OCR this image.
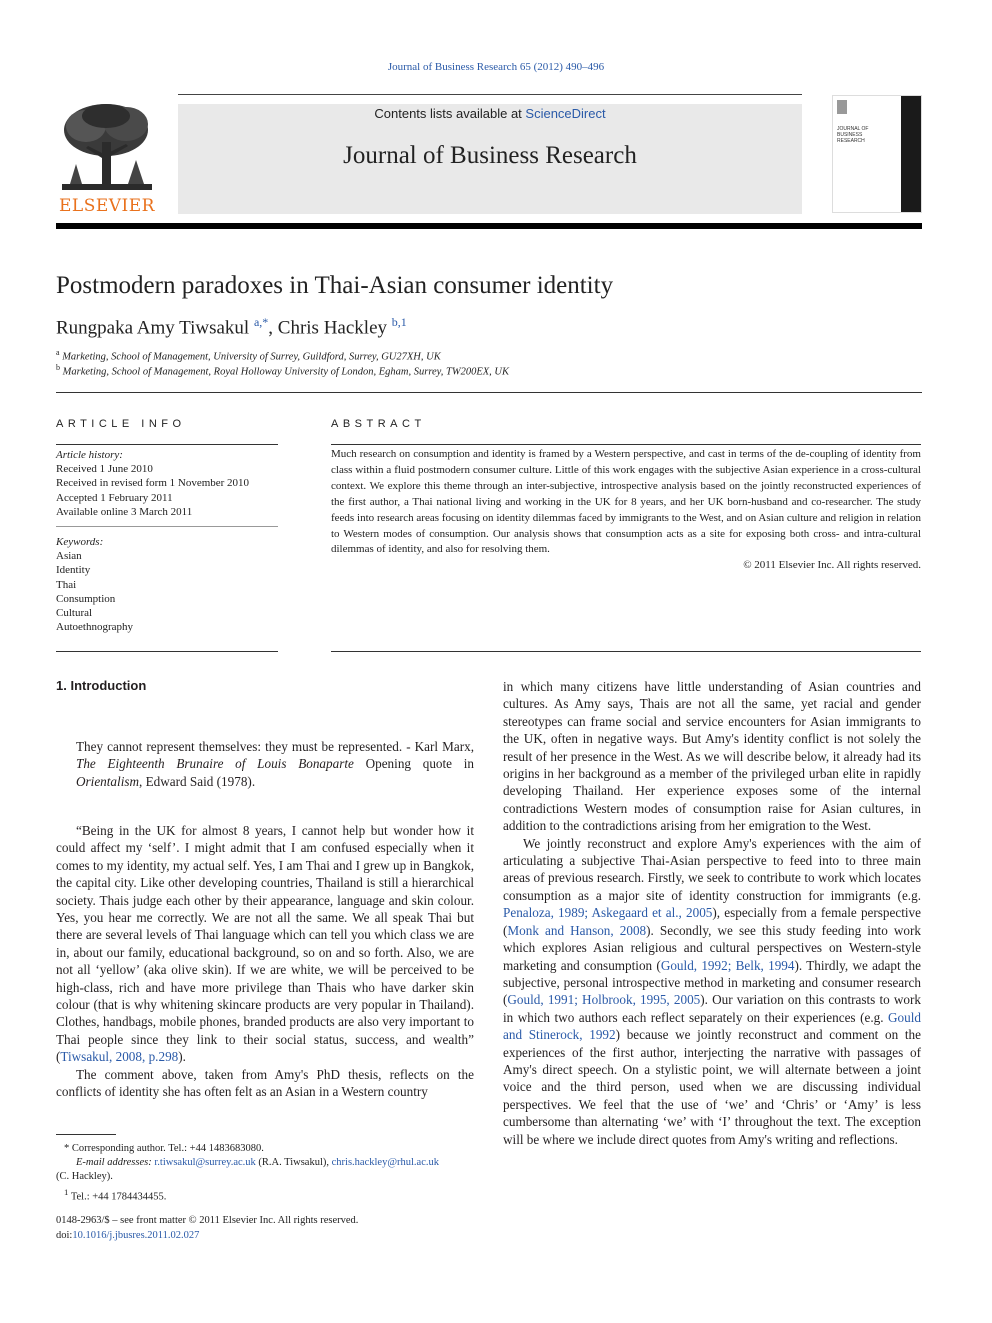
Journal of Business Research 65 (2012) 490–496
ELSEVIER
Contents lists available at ScienceDirect
Journal of Business Research
JOURNAL OF BUSINESS RESEARCH
Postmodern paradoxes in Thai-Asian consumer identity
Rungpaka Amy Tiwsakul $^{a,*}$, Chris Hackley $^{b,1}$
$^a$ Marketing, School of Management, University of Surrey, Guildford, Surrey, GU27XH, UK
$^b$ Marketing, School of Management, Royal Holloway University of London, Egham, Surrey, TW200EX, UK
ARTICLE INFO
Article history:
Received 1 June 2010
Received in revised form 1 November 2010
Accepted 1 February 2011
Available online 3 March 2011
Keywords:
Asian
Identity
Thai
Consumption
Cultural
Autoethnography
ABSTRACT
Much research on consumption and identity is framed by a Western perspective, and cast in terms of the de-coupling of identity from class within a fluid postmodern consumer culture. Little of this work engages with the subjective Asian experience in a cross-cultural context. We explore this theme through an inter-subjective, introspective analysis based on the jointly reconstructed experiences of the first author, a Thai national living and working in the UK for 8 years, and her UK born-husband and co-researcher. The study feeds into research areas focusing on identity dilemmas faced by immigrants to the West, and on Asian culture and religion in relation to Western modes of consumption. Our analysis shows that consumption acts as a site for exposing both cross- and intra-cultural dilemmas of identity, and also for resolving them.
© 2011 Elsevier Inc. All rights reserved.
1. Introduction
They cannot represent themselves: they must be represented. - Karl Marx, The Eighteenth Brunaire of Louis Bonaparte Opening quote in Orientalism, Edward Said (1978).

“Being in the UK for almost 8 years, I cannot help but wonder how it could affect my ‘self’. I might admit that I am confused especially when it comes to my identity, my actual self. Yes, I am Thai and I grew up in Bangkok, the capital city. Like other developing countries, Thailand is still a hierarchical society. Thais judge each other by their appearance, language and skin colour. Yes, you hear me correctly. We are not all the same. We all speak Thai but there are several levels of Thai language which can tell you which class we are in, about our family, educational background, so on and so forth. Also, we are not all ‘yellow’ (aka olive skin). If we are white, we will be perceived to be high-class, rich and have more privilege than Thais who have darker skin colour (that is why whitening skincare products are very popular in Thailand). Clothes, handbags, mobile phones, branded products are also very important to Thai people since they link to their social status, success, and wealth” (Tiwsakul, 2008, p.298).

The comment above, taken from Amy's PhD thesis, reflects on the conflicts of identity she has often felt as an Asian in a Western country

in which many citizens have little understanding of Asian countries and cultures. As Amy says, Thais are not all the same, yet racial and gender stereotypes can frame social and service encounters for Asian immigrants to the UK, often in negative ways. But Amy's identity conflict is not solely the result of her presence in the West. As we will describe below, it already had its origins in her background as a member of the privileged urban elite in rapidly developing Thailand. Her experience exposes some of the internal contradictions Western modes of consumption raise for Asian cultures, in addition to the contradictions arising from her emigration to the West.

We jointly reconstruct and explore Amy's experiences with the aim of articulating a subjective Thai-Asian perspective to feed into to three main areas of previous research. Firstly, we seek to contribute to work which locates consumption as a major site of identity construction for immigrants (e.g. Penaloza, 1989; Askegaard et al., 2005), especially from a female perspective (Monk and Hanson, 2008). Secondly, we see this study feeding into work which explores Asian religious and cultural perspectives on Western-style marketing and consumption (Gould, 1992; Belk, 1994). Thirdly, we adapt the subjective, personal introspective method in marketing and consumer research (Gould, 1991; Holbrook, 1995, 2005). Our variation on this contrasts to work in which two authors each reflect separately on their experiences (e.g. Gould and Stinerock, 1992) because we jointly reconstruct and comment on the experiences of the first author, interjecting the narrative with passages of Amy's direct speech. On a stylistic point, we will alternate between a joint voice and the third person, used when we are discussing individual perspectives. We feel that the use of ‘we’ and ‘Chris’ or ‘Amy’ is less cumbersome than alternating ‘we’ with ‘I’ throughout the text. The exception will be where we include direct quotes from Amy's writing and reflections.

* Corresponding author. Tel.: +44 1483683080.
E-mail addresses: r.tiwsakul@surrey.ac.uk (R.A. Tiwsakul), chris.hackley@rhul.ac.uk
(C. Hackley).
$^1$ Tel.: +44 1784434455.
0148-2963/$ – see front matter © 2011 Elsevier Inc. All rights reserved.
doi:10.1016/j.jbusres.2011.02.027
